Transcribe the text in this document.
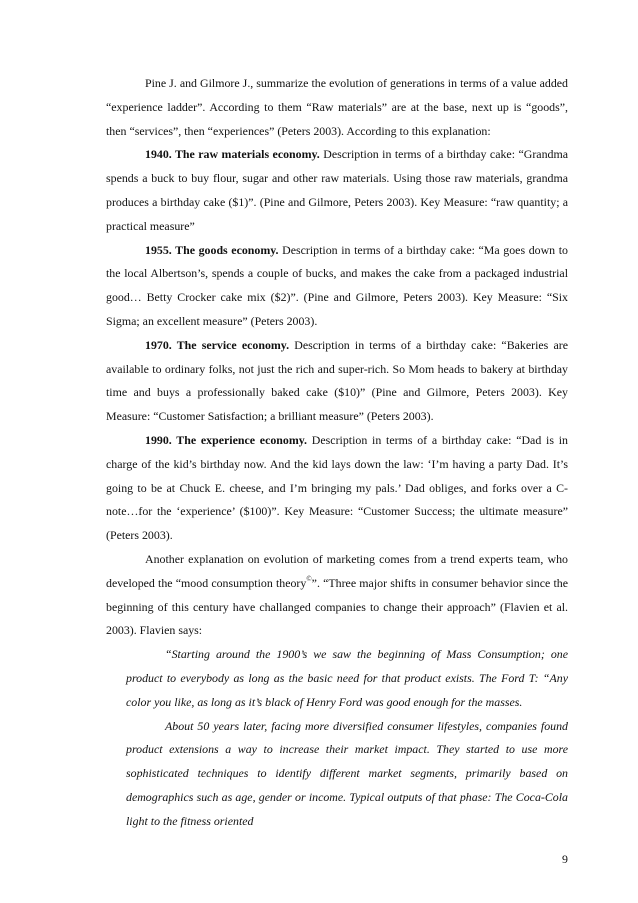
Pine J. and Gilmore J., summarize the evolution of generations in terms of a value added “experience ladder”. According to them “Raw materials” are at the base, next up is “goods”, then “services”, then “experiences” (Peters 2003). According to this explanation:

1940. The raw materials economy. Description in terms of a birthday cake: “Grandma spends a buck to buy flour, sugar and other raw materials. Using those raw materials, grandma produces a birthday cake ($1)”. (Pine and Gilmore, Peters 2003). Key Measure: “raw quantity; a practical measure”

1955. The goods economy. Description in terms of a birthday cake: “Ma goes down to the local Albertson’s, spends a couple of bucks, and makes the cake from a packaged industrial good… Betty Crocker cake mix ($2)”. (Pine and Gilmore, Peters 2003). Key Measure: “Six Sigma; an excellent measure” (Peters 2003).

1970. The service economy. Description in terms of a birthday cake: “Bakeries are available to ordinary folks, not just the rich and super-rich. So Mom heads to bakery at birthday time and buys a professionally baked cake ($10)” (Pine and Gilmore, Peters 2003). Key Measure: “Customer Satisfaction; a brilliant measure” (Peters 2003).

1990. The experience economy. Description in terms of a birthday cake: “Dad is in charge of the kid’s birthday now. And the kid lays down the law: ‘I’m having a party Dad. It’s going to be at Chuck E. cheese, and I’m bringing my pals.’ Dad obliges, and forks over a C-note…for the ‘experience’ ($100)”. Key Measure: “Customer Success; the ultimate measure” (Peters 2003).

Another explanation on evolution of marketing comes from a trend experts team, who developed the “mood consumption theory©”. “Three major shifts in consumer behavior since the beginning of this century have challanged companies to change their approach” (Flavien et al. 2003). Flavien says:

“Starting around the 1900’s we saw the beginning of Mass Consumption; one product to everybody as long as the basic need for that product exists. The Ford T: “Any color you like, as long as it’s black of Henry Ford was good enough for the masses.

About 50 years later, facing more diversified consumer lifestyles, companies found product extensions a way to increase their market impact. They started to use more sophisticated techniques to identify different market segments, primarily based on demographics such as age, gender or income. Typical outputs of that phase: The Coca-Cola light to the fitness oriented

9
